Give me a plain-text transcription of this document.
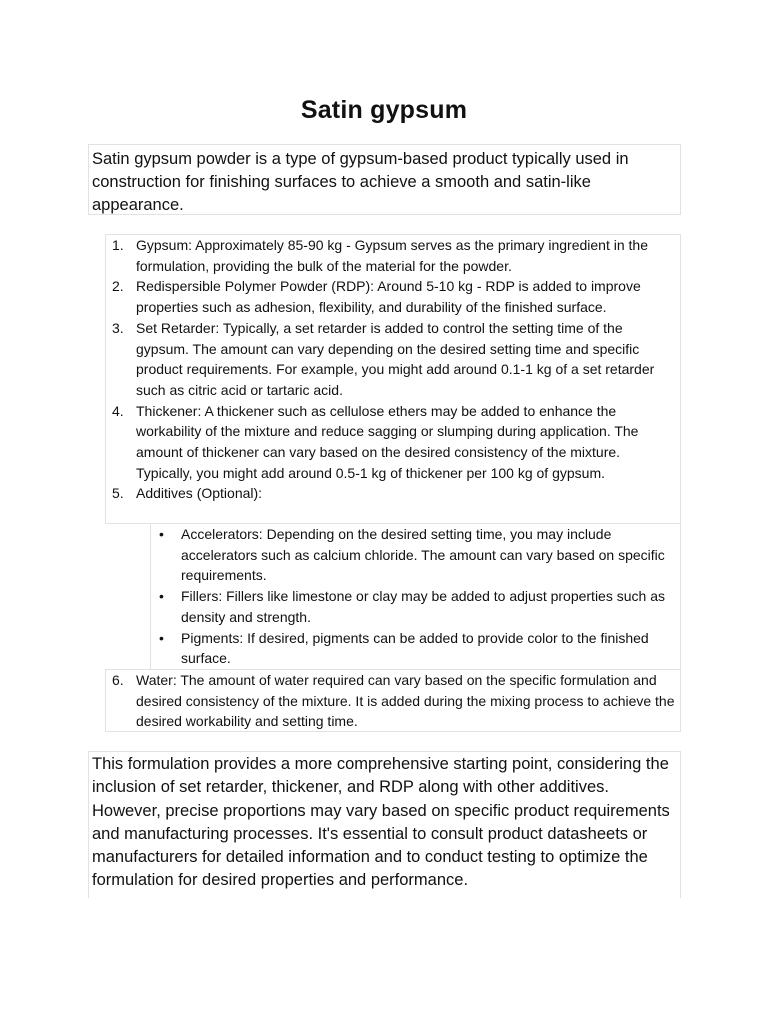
Satin gypsum
Satin gypsum powder is a type of gypsum-based product typically used in construction for finishing surfaces to achieve a smooth and satin-like appearance.
1. Gypsum: Approximately 85-90 kg - Gypsum serves as the primary ingredient in the formulation, providing the bulk of the material for the powder.
2. Redispersible Polymer Powder (RDP): Around 5-10 kg - RDP is added to improve properties such as adhesion, flexibility, and durability of the finished surface.
3. Set Retarder: Typically, a set retarder is added to control the setting time of the gypsum. The amount can vary depending on the desired setting time and specific product requirements. For example, you might add around 0.1-1 kg of a set retarder such as citric acid or tartaric acid.
4. Thickener: A thickener such as cellulose ethers may be added to enhance the workability of the mixture and reduce sagging or slumping during application. The amount of thickener can vary based on the desired consistency of the mixture. Typically, you might add around 0.5-1 kg of thickener per 100 kg of gypsum.
5. Additives (Optional):
• Accelerators: Depending on the desired setting time, you may include accelerators such as calcium chloride. The amount can vary based on specific requirements.
• Fillers: Fillers like limestone or clay may be added to adjust properties such as density and strength.
• Pigments: If desired, pigments can be added to provide color to the finished surface.
6. Water: The amount of water required can vary based on the specific formulation and desired consistency of the mixture. It is added during the mixing process to achieve the desired workability and setting time.
This formulation provides a more comprehensive starting point, considering the inclusion of set retarder, thickener, and RDP along with other additives. However, precise proportions may vary based on specific product requirements and manufacturing processes. It's essential to consult product datasheets or manufacturers for detailed information and to conduct testing to optimize the formulation for desired properties and performance.
